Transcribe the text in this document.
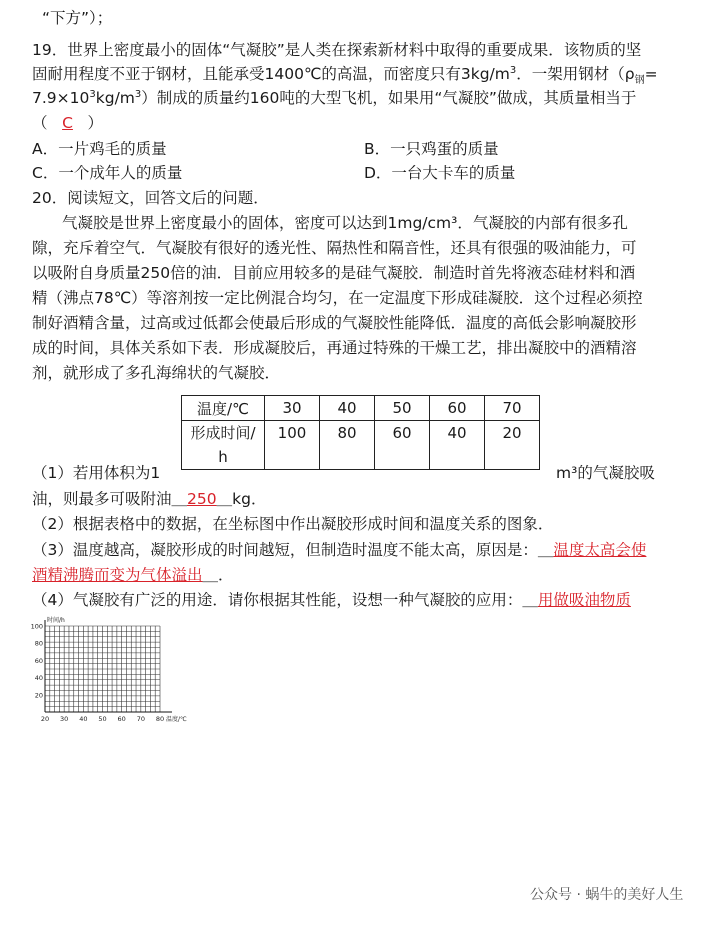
“下方”）；
19．世界上密度最小的固体“气凝胶”是人类在探索新材料中取得的重要成果．该物质的坚
固耐用程度不亚于钢材，且能承受1400℃的高温，而密度只有$3kg/m^3$．一架用钢材（$\rho_钢=$
$7.9\times 10^3kg/m^3$）制成的质量约160吨的大型飞机，如果用“气凝胶”做成，其质量相当于
（ C ）
A．一片鸡毛的质量	B．一只鸡蛋的质量
C．一个成年人的质量	D．一台大卡车的质量
20．阅读短文，回答文后的问题．
气凝胶是世界上密度最小的固体，密度可以达到1mg/cm³．气凝胶的内部有很多孔
隙，充斥着空气．气凝胶有很好的透光性、隔热性和隔音性，还具有很强的吸油能力，可
以吸附自身质量250倍的油．目前应用较多的是硅气凝胶．制造时首先将液态硅材料和酒
精（沸点78℃）等溶剂按一定比例混合均匀，在一定温度下形成硅凝胶．这个过程必须控
制好酒精含量，过高或过低都会使最后形成的气凝胶性能降低．温度的高低会影响凝胶形
成的时间，具体关系如下表．形成凝胶后，再通过特殊的干燥工艺，排出凝胶中的酒精溶
剂，就形成了多孔海绵状的气凝胶．
温度/℃	30	40	50	60	70

形成时间/
h	100	80	60	40	20
（1）若用体积为1	m³的气凝胶吸
油，则最多可吸附油＿250＿kg．
（2）根据表格中的数据，在坐标图中作出凝胶形成时间和温度关系的图象．
（3）温度越高，凝胶形成的时间越短，但制造时温度不能太高，原因是：＿温度太高会使
酒精沸腾而变为气体溢出＿．
（4）气凝胶有广泛的用途．请你根据其性能，设想一种气凝胶的应用：＿用做吸油物质
20 30 40 50 60 70 80
20
40
60
80
100
时间/h
温度/℃
公众号 · 蜗牛的美好人生
